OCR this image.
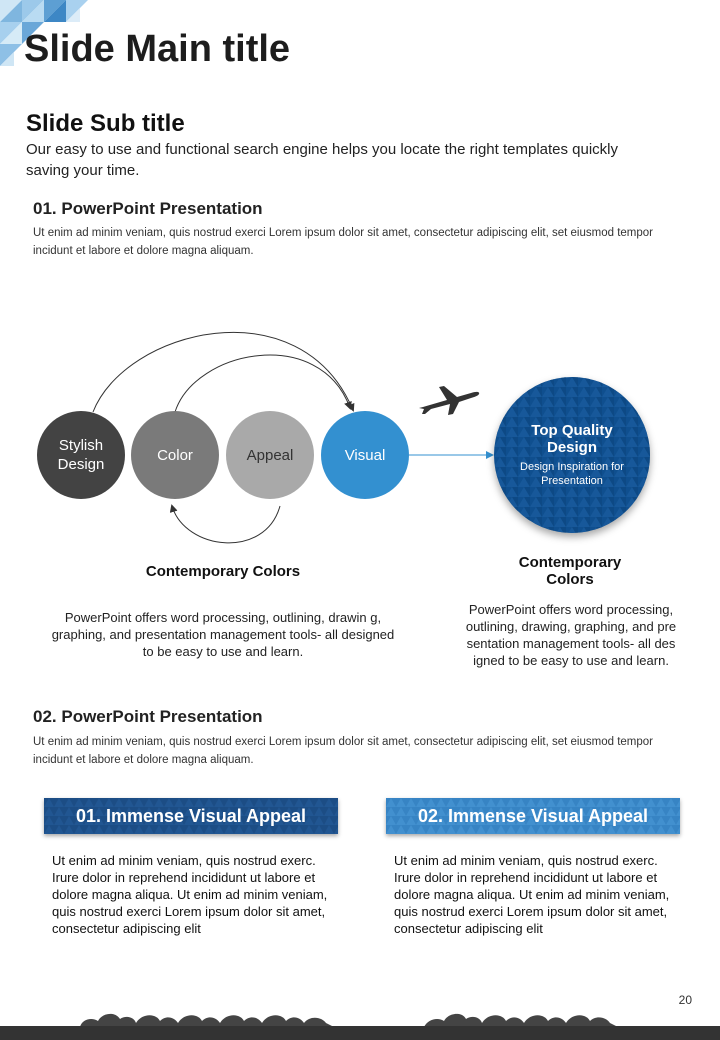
Slide Main title
Slide Sub title
Our easy to use and functional search engine helps you locate the right templates quickly saving your time.
01. PowerPoint Presentation
Ut enim ad minim veniam, quis nostrud exerci Lorem ipsum dolor sit amet, consectetur adipiscing elit, set eiusmod tempor incidunt et labore et dolore magna aliquam.
Stylish Design
Color	Appeal	Visual
Top Quality Design
Design Inspiration for Presentation
Contemporary Colors
PowerPoint offers word processing, outlining, drawin g, graphing, and presentation management tools- all designed to be easy to use and learn.
Contemporary Colors
PowerPoint offers word processing, outlining, drawing, graphing, and pre sentation management tools- all des igned to be easy to use and learn.
02. PowerPoint Presentation
Ut enim ad minim veniam, quis nostrud exerci Lorem ipsum dolor sit amet, consectetur adipiscing elit, set eiusmod tempor incidunt et labore et dolore magna aliquam.
01. Immense Visual Appeal	02. Immense Visual Appeal
Ut enim ad minim veniam, quis nostrud exerc. Irure dolor in reprehend incididunt ut labore et dolore magna aliqua. Ut enim ad minim veniam, quis nostrud exerci Lorem ipsum dolor sit amet, consectetur adipiscing elit
Ut enim ad minim veniam, quis nostrud exerc. Irure dolor in reprehend incididunt ut labore et dolore magna aliqua. Ut enim ad minim veniam, quis nostrud exerci Lorem ipsum dolor sit amet, consectetur adipiscing elit
20
